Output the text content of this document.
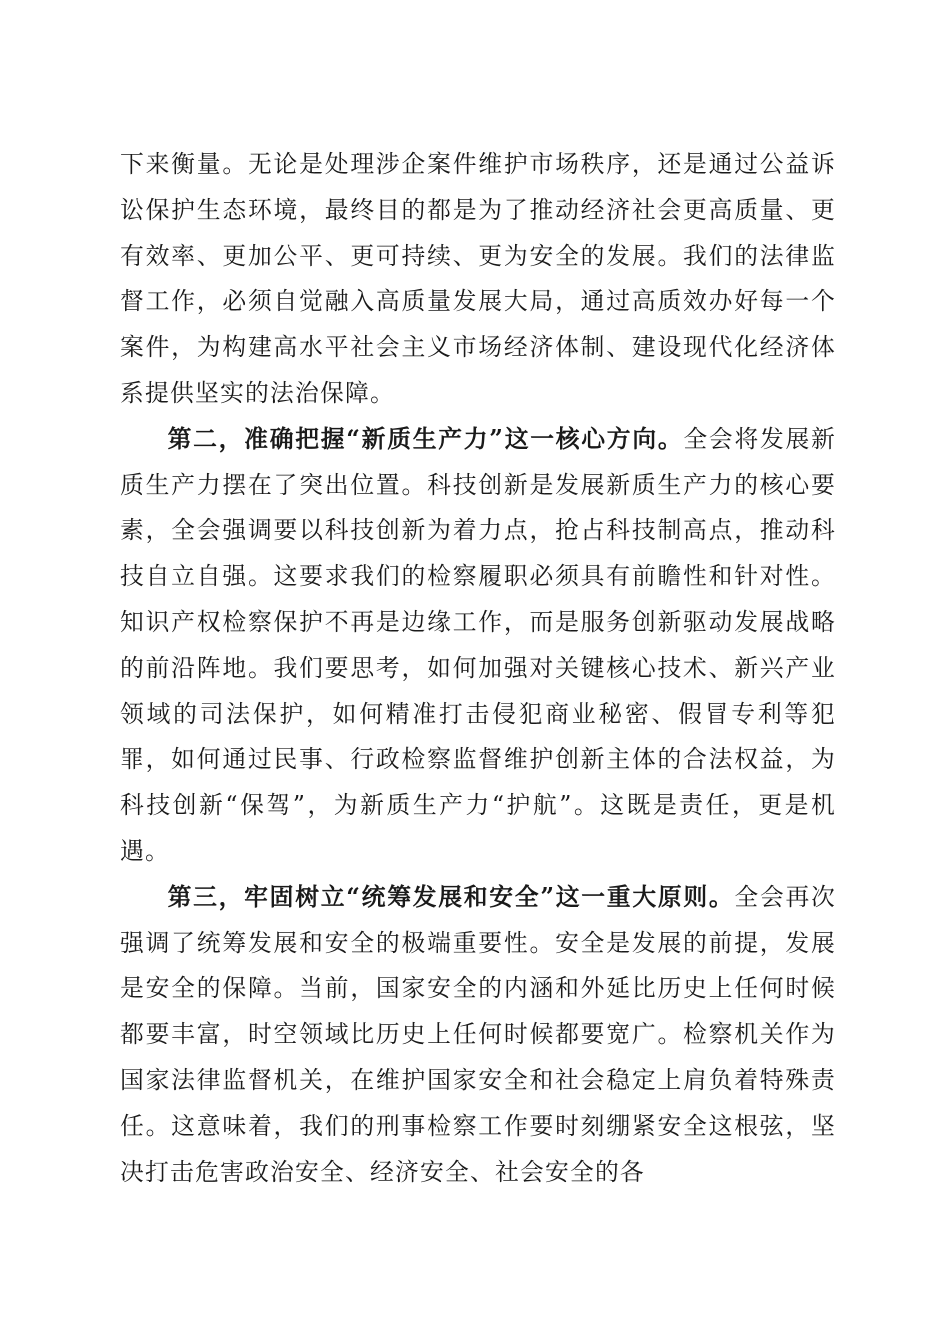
下来衡量。无论是处理涉企案件维护市场秩序，还是通过公益诉讼保护生态环境，最终目的都是为了推动经济社会更高质量、更有效率、更加公平、更可持续、更为安全的发展。我们的法律监督工作，必须自觉融入高质量发展大局，通过高质效办好每一个案件，为构建高水平社会主义市场经济体制、建设现代化经济体系提供坚实的法治保障。

第二，准确把握“新质生产力”这一核心方向。全会将发展新质生产力摆在了突出位置。科技创新是发展新质生产力的核心要素，全会强调要以科技创新为着力点，抢占科技制高点，推动科技自立自强。这要求我们的检察履职必须具有前瞻性和针对性。知识产权检察保护不再是边缘工作，而是服务创新驱动发展战略的前沿阵地。我们要思考，如何加强对关键核心技术、新兴产业领域的司法保护，如何精准打击侵犯商业秘密、假冒专利等犯罪，如何通过民事、行政检察监督维护创新主体的合法权益，为科技创新“保驾”，为新质生产力“护航”。这既是责任，更是机遇。

第三，牢固树立“统筹发展和安全”这一重大原则。全会再次强调了统筹发展和安全的极端重要性。安全是发展的前提，发展是安全的保障。当前，国家安全的内涵和外延比历史上任何时候都要丰富，时空领域比历史上任何时候都要宽广。检察机关作为国家法律监督机关，在维护国家安全和社会稳定上肩负着特殊责任。这意味着，我们的刑事检察工作要时刻绷紧安全这根弦，坚决打击危害政治安全、经济安全、社会安全的各
